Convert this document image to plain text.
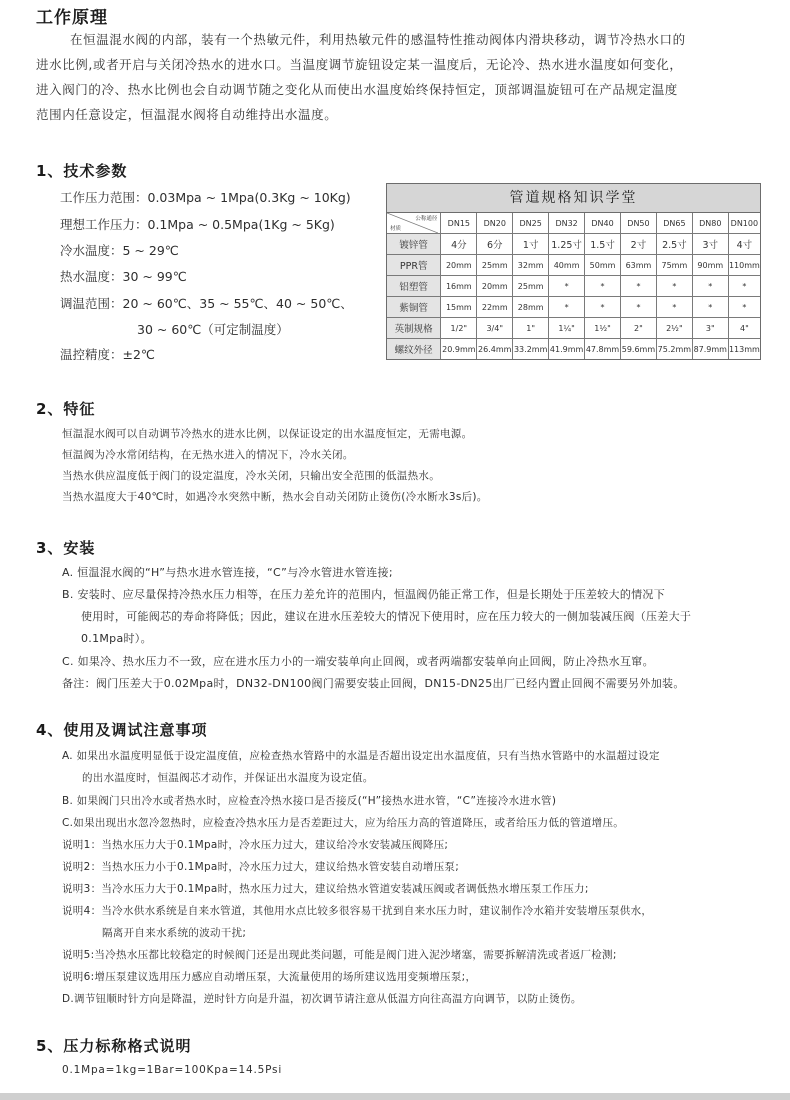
工作原理
在恒温混水阀的内部，装有一个热敏元件，利用热敏元件的感温特性推动阀体内滑块移动，调节冷热水口的
进水比例,或者开启与关闭冷热水的进水口。当温度调节旋钮设定某一温度后，无论冷、热水进水温度如何变化，
进入阀门的冷、热水比例也会自动调节随之变化从而使出水温度始终保持恒定，顶部调温旋钮可在产品规定温度
范围内任意设定，恒温混水阀将自动维持出水温度。
1、技术参数
工作压力范围：0.03Mpa ~ 1Mpa(0.3Kg ~ 10Kg)
理想工作压力：0.1Mpa ~ 0.5Mpa(1Kg ~ 5Kg)
冷水温度：5 ~ 29℃
热水温度：30 ~ 99℃
调温范围：20 ~ 60℃、35 ~ 55℃、40 ~ 50℃、
30 ~ 60℃（可定制温度）
温控精度：±2℃
管道规格知识学堂
公称通径
材质	DN15	DN20	DN25	DN32	DN40	DN50	DN65	DN80	DN100
镀锌管	4分	6分	1寸	1.25寸	1.5寸	2寸	2.5寸	3寸	4寸
PPR管	20mm	25mm	32mm	40mm	50mm	63mm	75mm	90mm	110mm
铝塑管	16mm	20mm	25mm	*	*	*	*	*	*
紫铜管	15mm	22mm	28mm	*	*	*	*	*	*
英制规格	1/2"	3/4"	1"	1¼"	1½"	2"	2½"	3"	4"
螺纹外径	20.9mm	26.4mm	33.2mm	41.9mm	47.8mm	59.6mm	75.2mm	87.9mm	113mm
2、特征
恒温混水阀可以自动调节冷热水的进水比例，以保证设定的出水温度恒定，无需电源。
恒温阀为冷水常闭结构，在无热水进入的情况下，冷水关闭。
当热水供应温度低于阀门的设定温度，冷水关闭，只输出安全范围的低温热水。
当热水温度大于40℃时，如遇冷水突然中断，热水会自动关闭防止烫伤(冷水断水3s后)。
3、安装
A. 恒温混水阀的“H”与热水进水管连接，“C”与冷水管进水管连接;
B. 安装时、应尽量保持冷热水压力相等，在压力差允许的范围内，恒温阀仍能正常工作，但是长期处于压差较大的情况下
使用时，可能阀芯的寿命将降低；因此，建议在进水压差较大的情况下使用时，应在压力较大的一侧加装减压阀（压差大于
0.1Mpa时）。
C. 如果冷、热水压力不一致，应在进水压力小的一端安装单向止回阀，或者两端都安装单向止回阀，防止冷热水互窜。
备注：阀门压差大于0.02Mpa时，DN32-DN100阀门需要安装止回阀，DN15-DN25出厂已经内置止回阀不需要另外加装。
4、使用及调试注意事项
A. 如果出水温度明显低于设定温度值，应检查热水管路中的水温是否超出设定出水温度值，只有当热水管路中的水温超过设定
的出水温度时，恒温阀芯才动作，并保证出水温度为设定值。
B. 如果阀门只出冷水或者热水时，应检查冷热水接口是否接反(“H”接热水进水管，“C”连接冷水进水管)
C.如果出现出水忽冷忽热时，应检查冷热水压力是否差距过大，应为给压力高的管道降压，或者给压力低的管道增压。
说明1：当热水压力大于0.1Mpa时，冷水压力过大，建议给冷水安装减压阀降压;
说明2：当热水压力小于0.1Mpa时，冷水压力过大，建议给热水管安装自动增压泵;
说明3：当冷水压力大于0.1Mpa时，热水压力过大，建议给热水管道安装减压阀或者调低热水增压泵工作压力;
说明4：当冷水供水系统是自来水管道，其他用水点比较多很容易干扰到自来水压力时，建议制作冷水箱并安装增压泵供水，
隔离开自来水系统的波动干扰;
说明5:当冷热水压都比较稳定的时候阀门还是出现此类问题，可能是阀门进入泥沙堵塞，需要拆解清洗或者返厂检测;
说明6:增压泵建议选用压力感应自动增压泵，大流量使用的场所建议选用变频增压泵;，
D.调节钮顺时针方向是降温，逆时针方向是升温，初次调节请注意从低温方向往高温方向调节，以防止烫伤。
5、压力标称格式说明
0.1Mpa=1kg=1Bar=100Kpa=14.5Psi
